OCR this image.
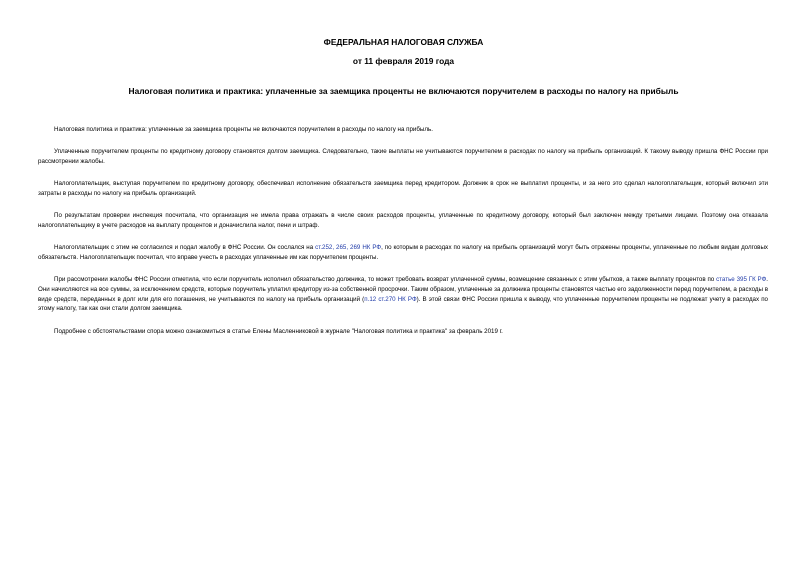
ФЕДЕРАЛЬНАЯ НАЛОГОВАЯ СЛУЖБА
от 11 февраля 2019 года
Налоговая политика и практика: уплаченные за заемщика проценты не включаются поручителем в расходы по налогу на прибыль

Налоговая политика и практика: уплаченные за заемщика проценты не включаются поручителем в расходы по налогу на прибыль.

Уплаченные поручителем проценты по кредитному договору становятся долгом заемщика. Следовательно, такие выплаты не учитываются поручителем в расходах по налогу на прибыль организаций. К такому выводу пришла ФНС России при рассмотрении жалобы.

Налогоплательщик, выступая поручителем по кредитному договору, обеспечивал исполнение обязательств заемщика перед кредитором. Должник в срок не выплатил проценты, и за него это сделал налогоплательщик, который включил эти затраты в расходы по налогу на прибыль организаций.

По результатам проверки инспекция посчитала, что организация не имела права отражать в числе своих расходов проценты, уплаченные по кредитному договору, который был заключен между третьими лицами. Поэтому она отказала налогоплательщику в учете расходов на выплату процентов и доначислила налог, пени и штраф.

Налогоплательщик с этим не согласился и подал жалобу в ФНС России. Он сослался на ст.252, 265, 269 НК РФ, по которым в расходах по налогу на прибыль организаций могут быть отражены проценты, уплаченные по любым видам долговых обязательств. Налогоплательщик посчитал, что вправе учесть в расходах уплаченные им как поручителем проценты.

При рассмотрении жалобы ФНС России отметила, что если поручитель исполнил обязательство должника, то может требовать возврат уплаченной суммы, возмещение связанных с этим убытков, а также выплату процентов по статье 395 ГК РФ. Они начисляются на все суммы, за исключением средств, которые поручитель уплатил кредитору из-за собственной просрочки. Таким образом, уплаченные за должника проценты становятся частью его задолженности перед поручителем, а расходы в виде средств, переданных в долг или для его погашения, не учитываются по налогу на прибыль организаций (п.12 ст.270 НК РФ). В этой связи ФНС России пришла к выводу, что уплаченные поручителем проценты не подлежат учету в расходах по этому налогу, так как они стали долгом заемщика.

Подробнее с обстоятельствами спора можно ознакомиться в статье Елены Масленниковой в журнале "Налоговая политика и практика" за февраль 2019 г.
